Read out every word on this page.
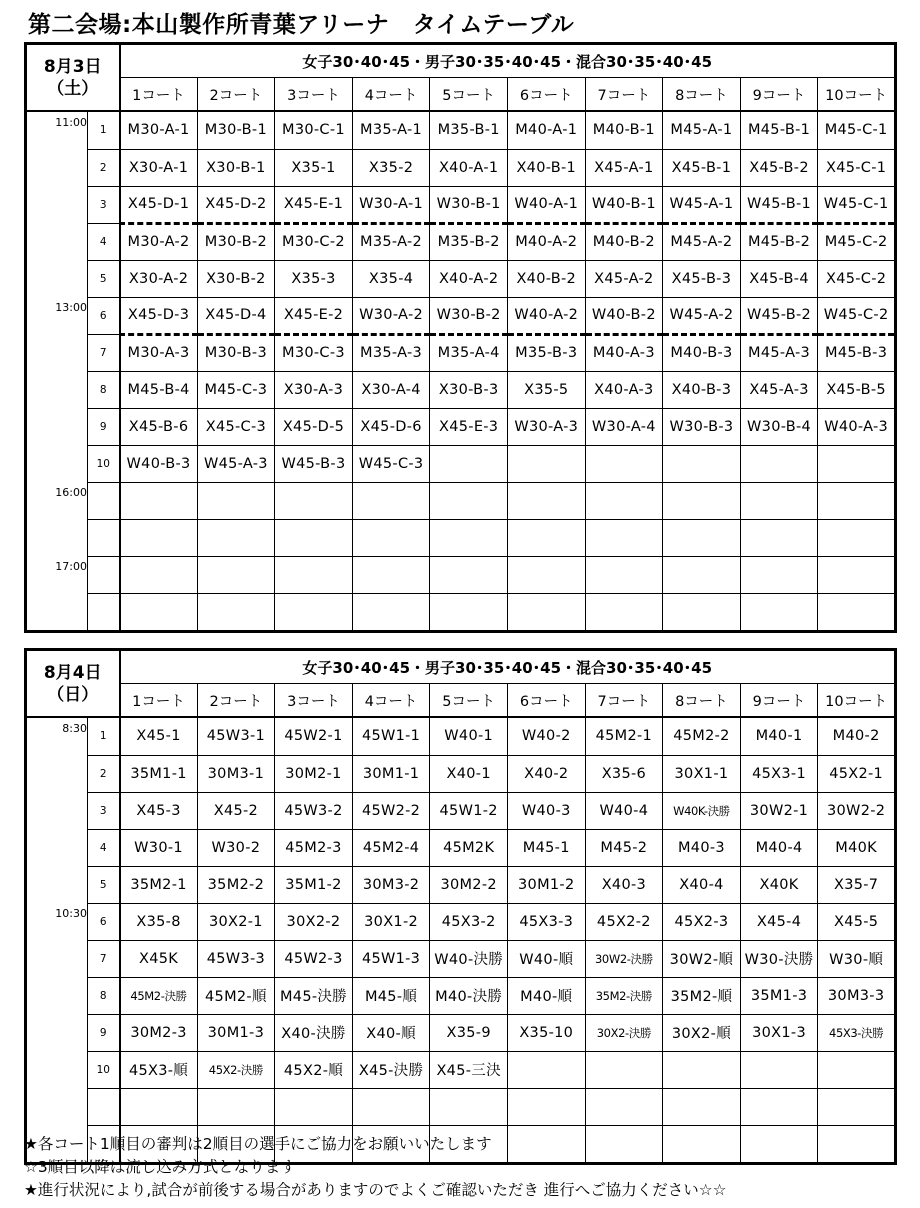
第二会場:本山製作所青葉アリーナ　タイムテーブル
8月3日
（土）		女子30･40･45・男子30･35･40･45・混合30･35･40･45									
		1コート	2コート	3コート	4コート	5コート	6コート	7コート	8コート	9コート	10コート
11:00	1	M30-A-1	M30-B-1	M30-C-1	M35-A-1	M35-B-1	M40-A-1	M40-B-1	M45-A-1	M45-B-1	M45-C-1
	2	X30-A-1	X30-B-1	X35-1	X35-2	X40-A-1	X40-B-1	X45-A-1	X45-B-1	X45-B-2	X45-C-1
	3	X45-D-1	X45-D-2	X45-E-1	W30-A-1	W30-B-1	W40-A-1	W40-B-1	W45-A-1	W45-B-1	W45-C-1
	4	M30-A-2	M30-B-2	M30-C-2	M35-A-2	M35-B-2	M40-A-2	M40-B-2	M45-A-2	M45-B-2	M45-C-2
	5	X30-A-2	X30-B-2	X35-3	X35-4	X40-A-2	X40-B-2	X45-A-2	X45-B-3	X45-B-4	X45-C-2
13:00	6	X45-D-3	X45-D-4	X45-E-2	W30-A-2	W30-B-2	W40-A-2	W40-B-2	W45-A-2	W45-B-2	W45-C-2
	7	M30-A-3	M30-B-3	M30-C-3	M35-A-3	M35-A-4	M35-B-3	M40-A-3	M40-B-3	M45-A-3	M45-B-3
	8	M45-B-4	M45-C-3	X30-A-3	X30-A-4	X30-B-3	X35-5	X40-A-3	X40-B-3	X45-A-3	X45-B-5
	9	X45-B-6	X45-C-3	X45-D-5	X45-D-6	X45-E-3	W30-A-3	W30-A-4	W30-B-3	W30-B-4	W40-A-3
	10	W40-B-3	W45-A-3	W45-B-3	W45-C-3						
16:00											

17:00											

8月4日
（日）		女子30･40･45・男子30･35･40･45・混合30･35･40･45									
		1コート	2コート	3コート	4コート	5コート	6コート	7コート	8コート	9コート	10コート
8:30	1	X45-1	45W3-1	45W2-1	45W1-1	W40-1	W40-2	45M2-1	45M2-2	M40-1	M40-2
	2	35M1-1	30M3-1	30M2-1	30M1-1	X40-1	X40-2	X35-6	30X1-1	45X3-1	45X2-1
	3	X45-3	X45-2	45W3-2	45W2-2	45W1-2	W40-3	W40-4	W40K-決勝	30W2-1	30W2-2
	4	W30-1	W30-2	45M2-3	45M2-4	45M2K	M45-1	M45-2	M40-3	M40-4	M40K
	5	35M2-1	35M2-2	35M1-2	30M3-2	30M2-2	30M1-2	X40-3	X40-4	X40K	X35-7
10:30	6	X35-8	30X2-1	30X2-2	30X1-2	45X3-2	45X3-3	45X2-2	45X2-3	X45-4	X45-5
	7	X45K	45W3-3	45W2-3	45W1-3	W40-決勝	W40-順	30W2-決勝	30W2-順	W30-決勝	W30-順
	8	45M2-決勝	45M2-順	M45-決勝	M45-順	M40-決勝	M40-順	35M2-決勝	35M2-順	35M1-3	30M3-3
	9	30M2-3	30M1-3	X40-決勝	X40-順	X35-9	X35-10	30X2-決勝	30X2-順	30X1-3	45X3-決勝
	10	45X3-順	45X2-決勝	45X2-順	X45-決勝	X45-三決					

★各コート1順目の審判は2順目の選手にご協力をお願いいたします
☆3順目以降は流し込み方式となります
★進行状況により,試合が前後する場合がありますのでよくご確認いただき 進行へご協力ください☆☆
